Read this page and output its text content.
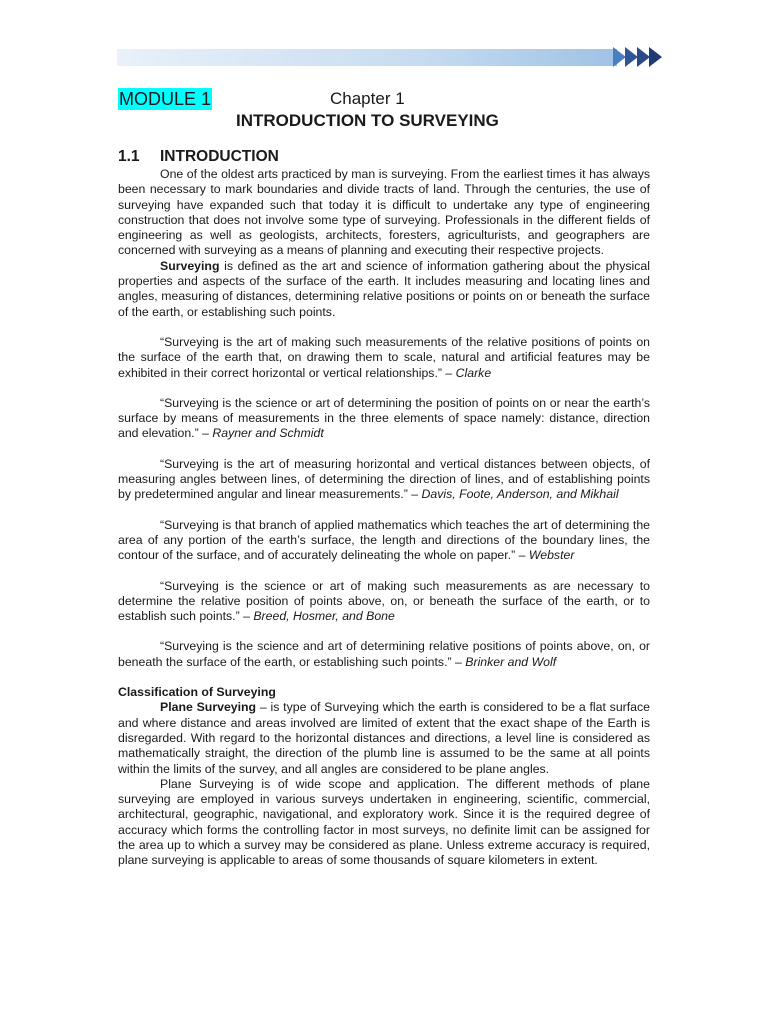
MODULE 1	Chapter 1
INTRODUCTION TO SURVEYING
1.1 INTRODUCTION

One of the oldest arts practiced by man is surveying. From the earliest times it has always been necessary to mark boundaries and divide tracts of land. Through the centuries, the use of surveying have expanded such that today it is difficult to undertake any type of engineering construction that does not involve some type of surveying. Professionals in the different fields of engineering as well as geologists, architects, foresters, agriculturists, and geographers are concerned with surveying as a means of planning and executing their respective projects.

Surveying is defined as the art and science of information gathering about the physical properties and aspects of the surface of the earth. It includes measuring and locating lines and angles, measuring of distances, determining relative positions or points on or beneath the surface of the earth, or establishing such points.

“Surveying is the art of making such measurements of the relative positions of points on the surface of the earth that, on drawing them to scale, natural and artificial features may be exhibited in their correct horizontal or vertical relationships.” – Clarke

“Surveying is the science or art of determining the position of points on or near the earth’s surface by means of measurements in the three elements of space namely: distance, direction and elevation.” – Rayner and Schmidt

“Surveying is the art of measuring horizontal and vertical distances between objects, of measuring angles between lines, of determining the direction of lines, and of establishing points by predetermined angular and linear measurements.” – Davis, Foote, Anderson, and Mikhail

“Surveying is that branch of applied mathematics which teaches the art of determining the area of any portion of the earth’s surface, the length and directions of the boundary lines, the contour of the surface, and of accurately delineating the whole on paper.” – Webster

“Surveying is the science or art of making such measurements as are necessary to determine the relative position of points above, on, or beneath the surface of the earth, or to establish such points.” – Breed, Hosmer, and Bone

“Surveying is the science and art of determining relative positions of points above, on, or beneath the surface of the earth, or establishing such points.” – Brinker and Wolf

Classification of Surveying

Plane Surveying – is type of Surveying which the earth is considered to be a flat surface and where distance and areas involved are limited of extent that the exact shape of the Earth is disregarded. With regard to the horizontal distances and directions, a level line is considered as mathematically straight, the direction of the plumb line is assumed to be the same at all points within the limits of the survey, and all angles are considered to be plane angles.

Plane Surveying is of wide scope and application. The different methods of plane surveying are employed in various surveys undertaken in engineering, scientific, commercial, architectural, geographic, navigational, and exploratory work. Since it is the required degree of accuracy which forms the controlling factor in most surveys, no definite limit can be assigned for the area up to which a survey may be considered as plane. Unless extreme accuracy is required, plane surveying is applicable to areas of some thousands of square kilometers in extent.
